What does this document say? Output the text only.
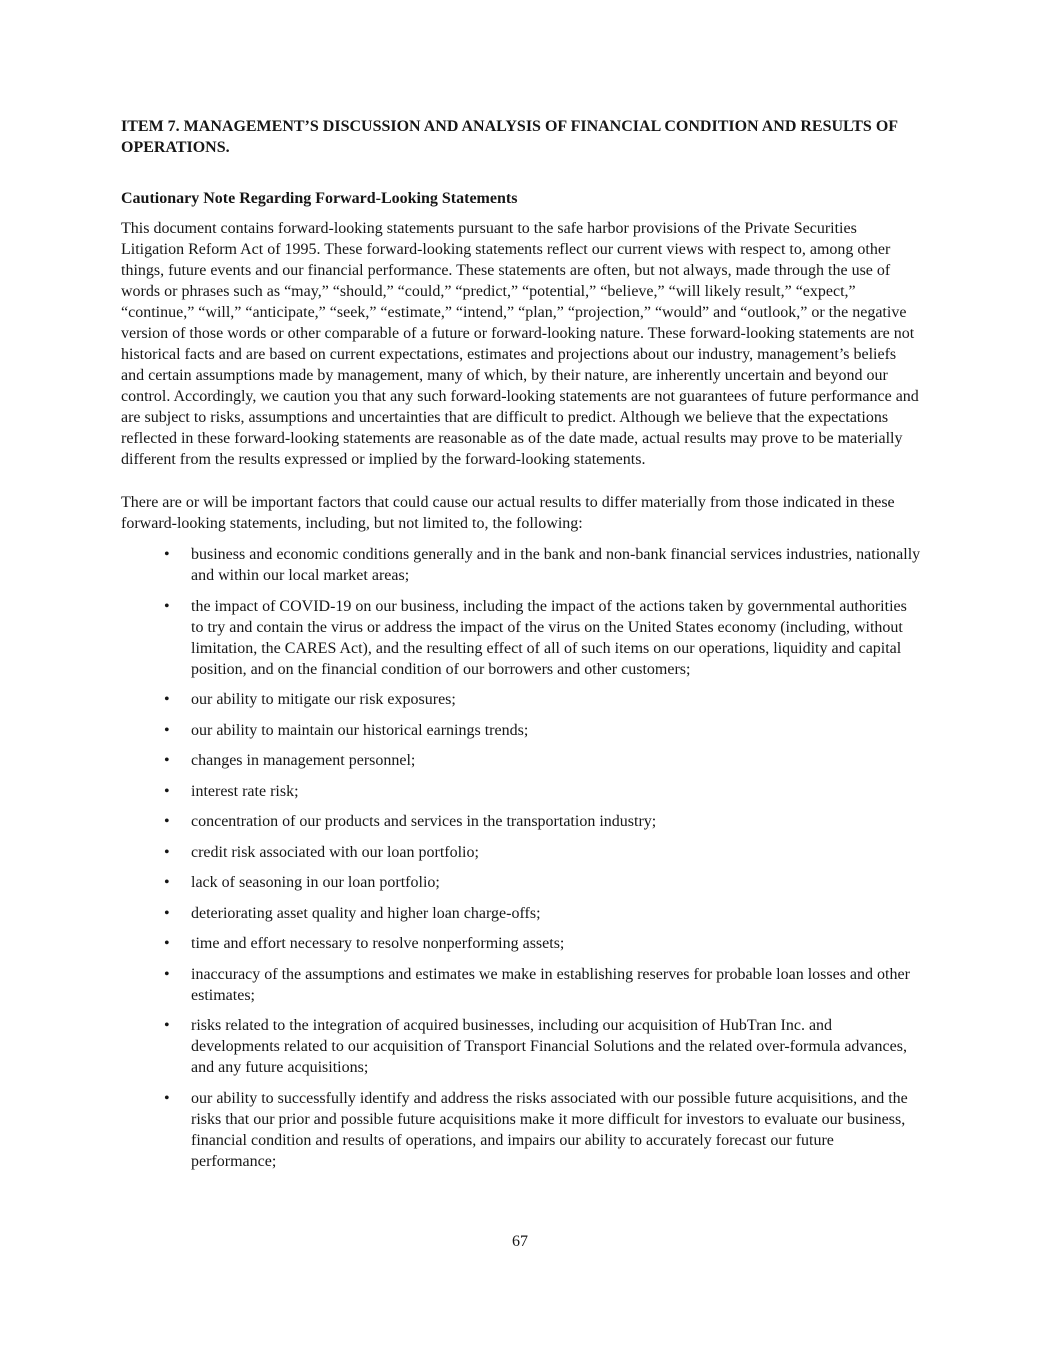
ITEM 7. MANAGEMENT’S DISCUSSION AND ANALYSIS OF FINANCIAL CONDITION AND RESULTS OF OPERATIONS.
Cautionary Note Regarding Forward-Looking Statements

This document contains forward-looking statements pursuant to the safe harbor provisions of the Private Securities Litigation Reform Act of 1995. These forward-looking statements reflect our current views with respect to, among other things, future events and our financial performance. These statements are often, but not always, made through the use of words or phrases such as “may,” “should,” “could,” “predict,” “potential,” “believe,” “will likely result,” “expect,” “continue,” “will,” “anticipate,” “seek,” “estimate,” “intend,” “plan,” “projection,” “would” and “outlook,” or the negative version of those words or other comparable of a future or forward-looking nature. These forward-looking statements are not historical facts and are based on current expectations, estimates and projections about our industry, management’s beliefs and certain assumptions made by management, many of which, by their nature, are inherently uncertain and beyond our control. Accordingly, we caution you that any such forward-looking statements are not guarantees of future performance and are subject to risks, assumptions and uncertainties that are difficult to predict. Although we believe that the expectations reflected in these forward-looking statements are reasonable as of the date made, actual results may prove to be materially different from the results expressed or implied by the forward-looking statements.

There are or will be important factors that could cause our actual results to differ materially from those indicated in these forward-looking statements, including, but not limited to, the following:

• business and economic conditions generally and in the bank and non-bank financial services industries, nationally and within our local market areas;
• the impact of COVID-19 on our business, including the impact of the actions taken by governmental authorities to try and contain the virus or address the impact of the virus on the United States economy (including, without limitation, the CARES Act), and the resulting effect of all of such items on our operations, liquidity and capital position, and on the financial condition of our borrowers and other customers;
• our ability to mitigate our risk exposures;
• our ability to maintain our historical earnings trends;
• changes in management personnel;
• interest rate risk;
• concentration of our products and services in the transportation industry;
• credit risk associated with our loan portfolio;
• lack of seasoning in our loan portfolio;
• deteriorating asset quality and higher loan charge-offs;
• time and effort necessary to resolve nonperforming assets;
• inaccuracy of the assumptions and estimates we make in establishing reserves for probable loan losses and other estimates;
• risks related to the integration of acquired businesses, including our acquisition of HubTran Inc. and developments related to our acquisition of Transport Financial Solutions and the related over-formula advances, and any future acquisitions;
• our ability to successfully identify and address the risks associated with our possible future acquisitions, and the risks that our prior and possible future acquisitions make it more difficult for investors to evaluate our business, financial condition and results of operations, and impairs our ability to accurately forecast our future performance;
67
